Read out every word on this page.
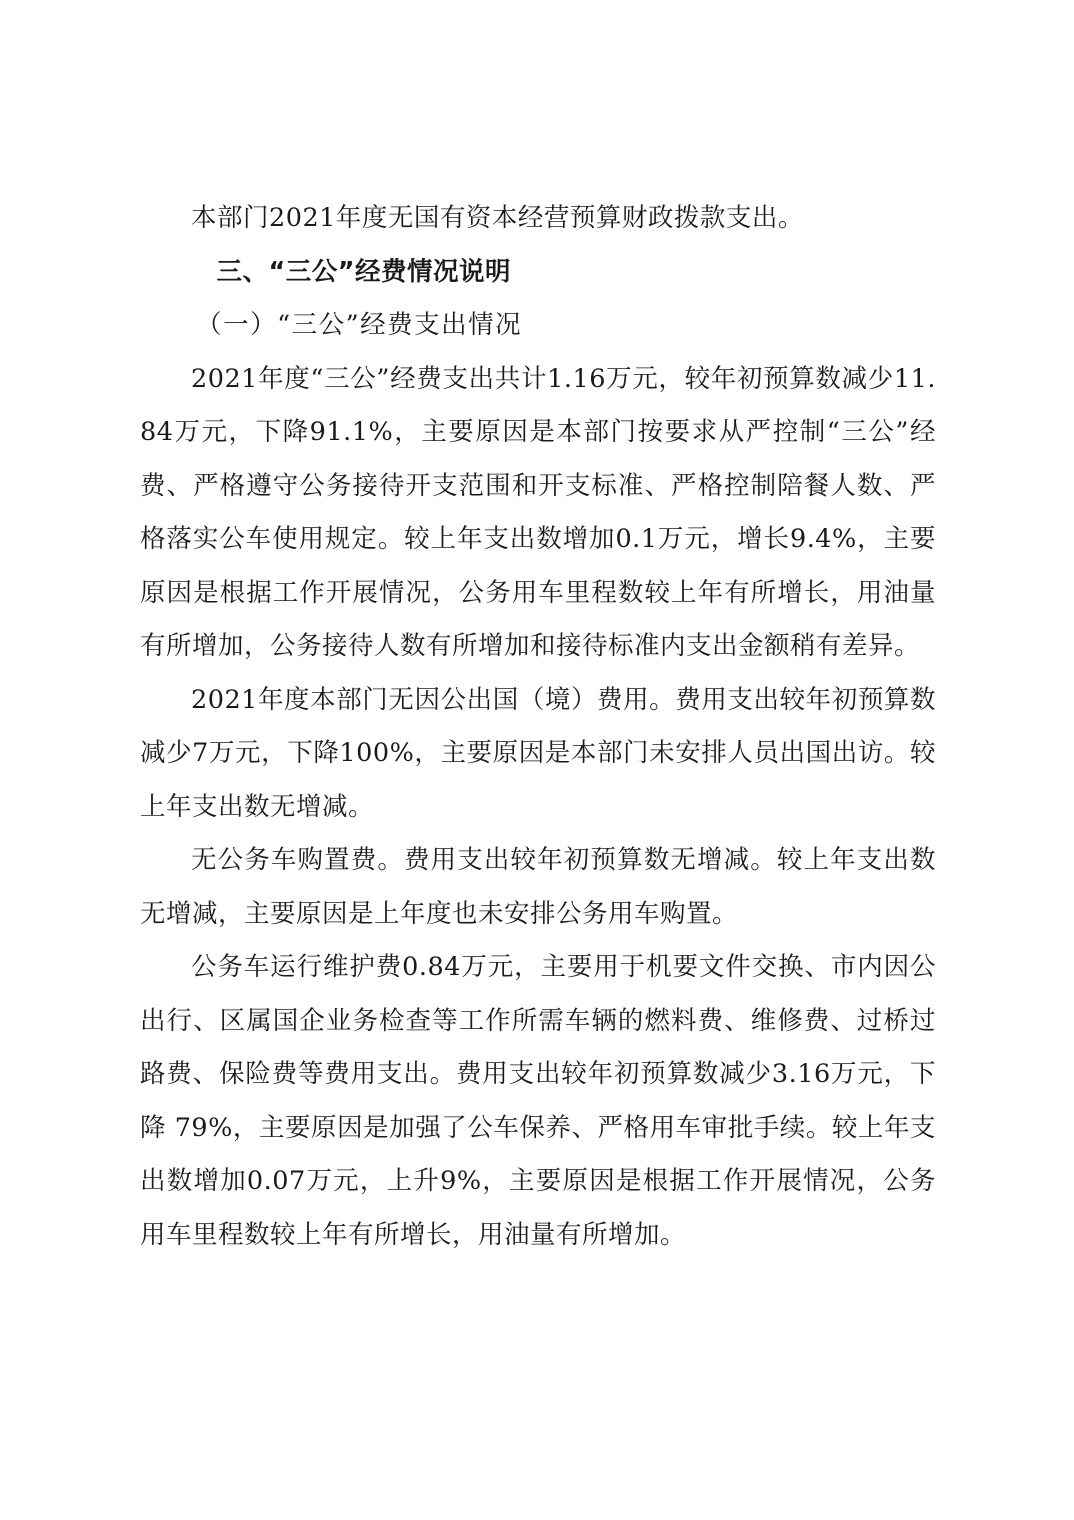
本部门2021年度无国有资本经营预算财政拨款支出。

三、“三公”经费情况说明

（一）“三公”经费支出情况

2021年度“三公”经费支出共计1.16万元，较年初预算数减少11.84万元，下降91.1%，主要原因是本部门按要求从严控制“三公”经费、严格遵守公务接待开支范围和开支标准、严格控制陪餐人数、严格落实公车使用规定。较上年支出数增加0.1万元，增长9.4%，主要原因是根据工作开展情况，公务用车里程数较上年有所增长，用油量有所增加，公务接待人数有所增加和接待标准内支出金额稍有差异。

2021年度本部门无因公出国（境）费用。费用支出较年初预算数减少7万元，下降100%，主要原因是本部门未安排人员出国出访。较上年支出数无增减。

无公务车购置费。费用支出较年初预算数无增减。较上年支出数无增减，主要原因是上年度也未安排公务用车购置。

公务车运行维护费0.84万元，主要用于机要文件交换、市内因公出行、区属国企业务检查等工作所需车辆的燃料费、维修费、过桥过路费、保险费等费用支出。费用支出较年初预算数减少3.16万元，下降 79%，主要原因是加强了公车保养、严格用车审批手续。较上年支出数增加0.07万元，上升9%，主要原因是根据工作开展情况，公务用车里程数较上年有所增长，用油量有所增加。
